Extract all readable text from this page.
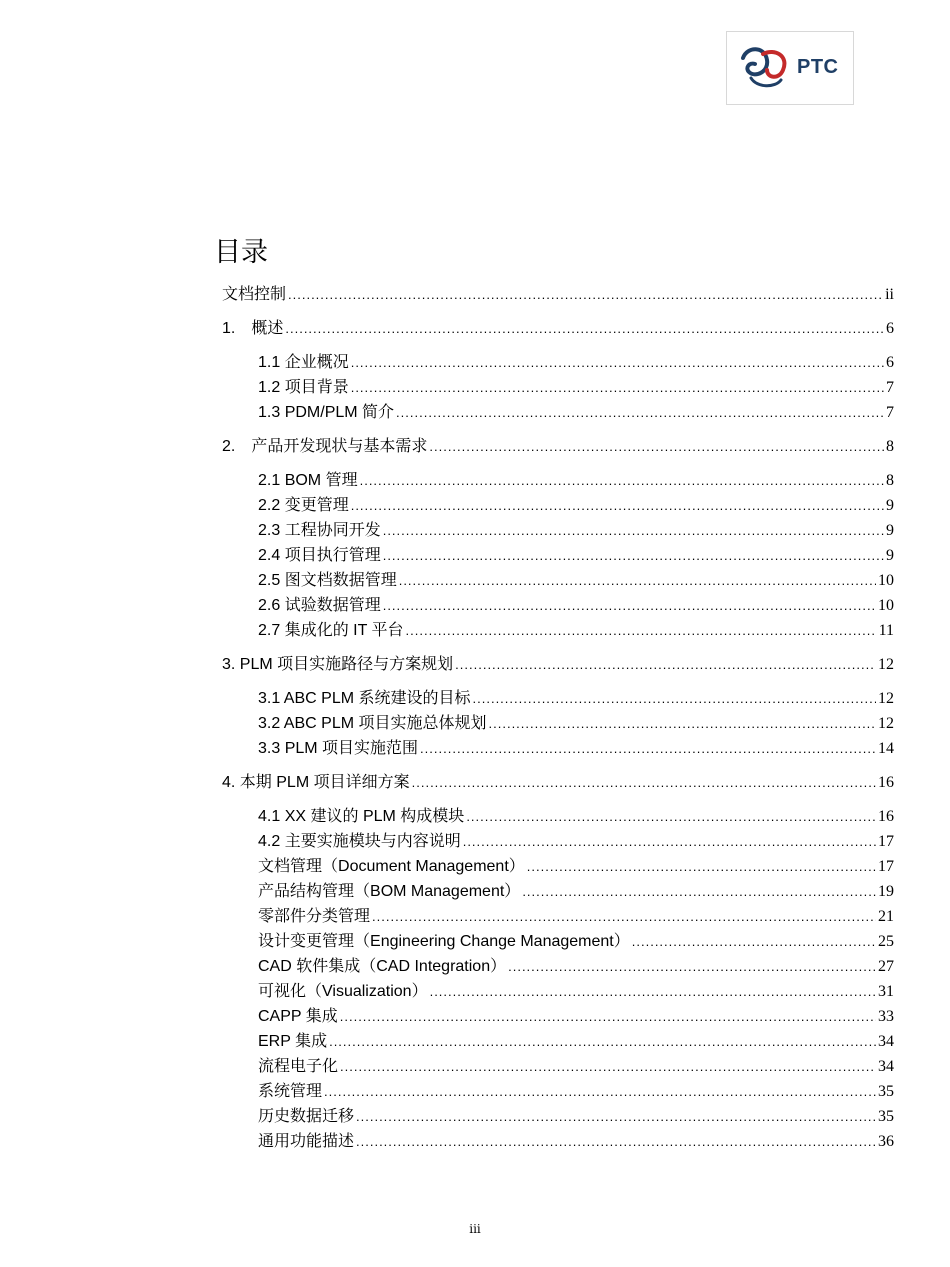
PTC
目录
文档控制 .....	ii
1.　概述 .....	6
1.1 企业概况 .....	6
1.2 项目背景 .....	7
1.3 PDM/PLM 简介 .....	7
2.　产品开发现状与基本需求 .....	8
2.1 BOM 管理 .....	8
2.2 变更管理 .....	9
2.3 工程协同开发 .....	9
2.4 项目执行管理 .....	9
2.5 图文档数据管理 .....	10
2.6 试验数据管理 .....	10
2.7 集成化的 IT 平台 .....	11
3. PLM 项目实施路径与方案规划 .....	12
3.1 ABC PLM 系统建设的目标 .....	12
3.2 ABC PLM 项目实施总体规划 .....	12
3.3 PLM 项目实施范围 .....	14
4. 本期 PLM 项目详细方案 .....	16
4.1 XX 建议的 PLM 构成模块 .....	16
4.2 主要实施模块与内容说明 .....	17
文档管理（Document Management） .....	17
产品结构管理（BOM Management） .....	19
零部件分类管理 .....	21
设计变更管理（Engineering Change Management） .....	25
CAD 软件集成（CAD Integration） .....	27
可视化（Visualization） .....	31
CAPP 集成 .....	33
ERP 集成 .....	34
流程电子化 .....	34
系统管理 .....	35
历史数据迁移 .....	35
通用功能描述 .....	36
iii
